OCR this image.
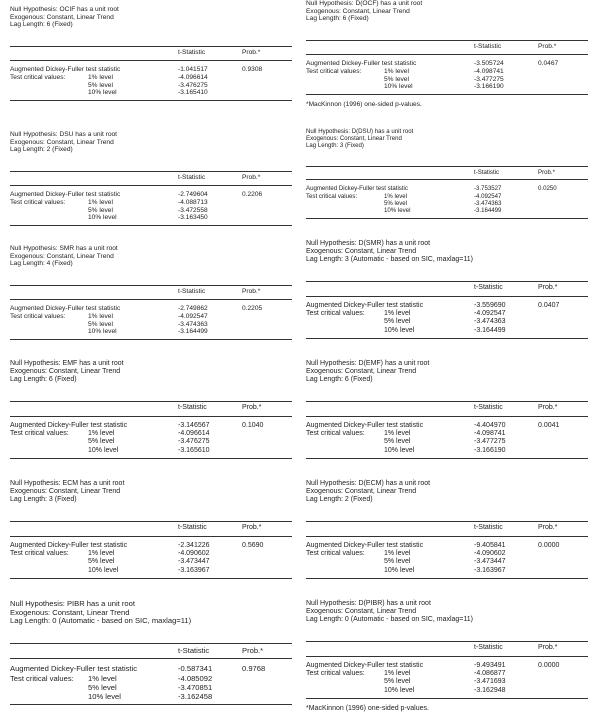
Null Hypothesis: OCIF has a unit root
Exogenous: Constant, Linear Trend
Lag Length: 6 (Fixed)
t-Statistic	Prob.*
Augmented Dickey-Fuller test statistic	-1.041517	0.9308
Test critical values:	1% level	-4.096614
5% level	-3.476275
10% level	-3.165410
Null Hypothesis: D(OCF) has a unit root
Exogenous: Constant, Linear Trend
Lag Length: 6 (Fixed)
t-Statistic	Prob.*
Augmented Dickey-Fuller test statistic	-3.505724	0.0467
Test critical values:	1% level	-4.098741
5% level	-3.477275
10% level	-3.166190
*MacKinnon (1996) one-sided p-values.
Null Hypothesis: DSU has a unit root
Exogenous: Constant, Linear Trend
Lag Length: 2 (Fixed)
t-Statistic	Prob.*
Augmented Dickey-Fuller test statistic	-2.749604	0.2206
Test critical values:	1% level	-4.088713
5% level	-3.472558
10% level	-3.163450
Null Hypothesis: D(DSU) has a unit root
Exogenous: Constant, Linear Trend
Lag Length: 3 (Fixed)
t-Statistic	Prob.*
Augmented Dickey-Fuller test statistic	-3.753527	0.0250
Test critical values:	1% level	-4.092547
5% level	-3.474363
10% level	-3.164499
Null Hypothesis: SMR has a unit root
Exogenous: Constant, Linear Trend
Lag Length: 4 (Fixed)
t-Statistic	Prob.*
Augmented Dickey-Fuller test statistic	-2.749862	0.2205
Test critical values:	1% level	-4.092547
5% level	-3.474363
10% level	-3.164499
Null Hypothesis: D(SMR) has a unit root
Exogenous: Constant, Linear Trend
Lag Length: 3 (Automatic - based on SIC, maxlag=11)
t-Statistic	Prob.*
Augmented Dickey-Fuller test statistic	-3.559690	0.0407
Test critical values:	1% level	-4.092547
5% level	-3.474363
10% level	-3.164499
Null Hypothesis: EMF has a unit root
Exogenous: Constant, Linear Trend
Lag Length: 6 (Fixed)
t-Statistic	Prob.*
Augmented Dickey-Fuller test statistic	-3.146567	0.1040
Test critical values:	1% level	-4.096614
5% level	-3.476275
10% level	-3.165610
Null Hypothesis: D(EMF) has a unit root
Exogenous: Constant, Linear Trend
Lag Length: 6 (Fixed)
t-Statistic	Prob.*
Augmented Dickey-Fuller test statistic	-4.404970	0.0041
Test critical values:	1% level	-4.098741
5% level	-3.477275
10% level	-3.166190
Null Hypothesis: ECM has a unit root
Exogenous: Constant, Linear Trend
Lag Length: 3 (Fixed)
t-Statistic	Prob.*
Augmented Dickey-Fuller test statistic	-2.341226	0.5690
Test critical values:	1% level	-4.090602
5% level	-3.473447
10% level	-3.163967
Null Hypothesis: D(ECM) has a unit root
Exogenous: Constant, Linear Trend
Lag Length: 2 (Fixed)
t-Statistic	Prob.*
Augmented Dickey-Fuller test statistic	-9.405841	0.0000
Test critical values:	1% level	-4.090602
5% level	-3.473447
10% level	-3.163967
Null Hypothesis: PIBR has a unit root
Exogenous: Constant, Linear Trend
Lag Length: 0 (Automatic - based on SIC, maxlag=11)
t-Statistic	Prob.*
Augmented Dickey-Fuller test statistic	-0.587341	0.9768
Test critical values: 1% level	-4.085092
5% level	-3.470851
10% level	-3.162458
Null Hypothesis: D(PIBR) has a unit root
Exogenous: Constant, Linear Trend
Lag Length: 0 (Automatic - based on SIC, maxlag=11)
t-Statistic	Prob.*
Augmented Dickey-Fuller test statistic	-9.493491	0.0000
Test critical values:	1% level	-4.086877
5% level	-3.471693
10% level	-3.162948
*MacKinnon (1996) one-sided p-values.
